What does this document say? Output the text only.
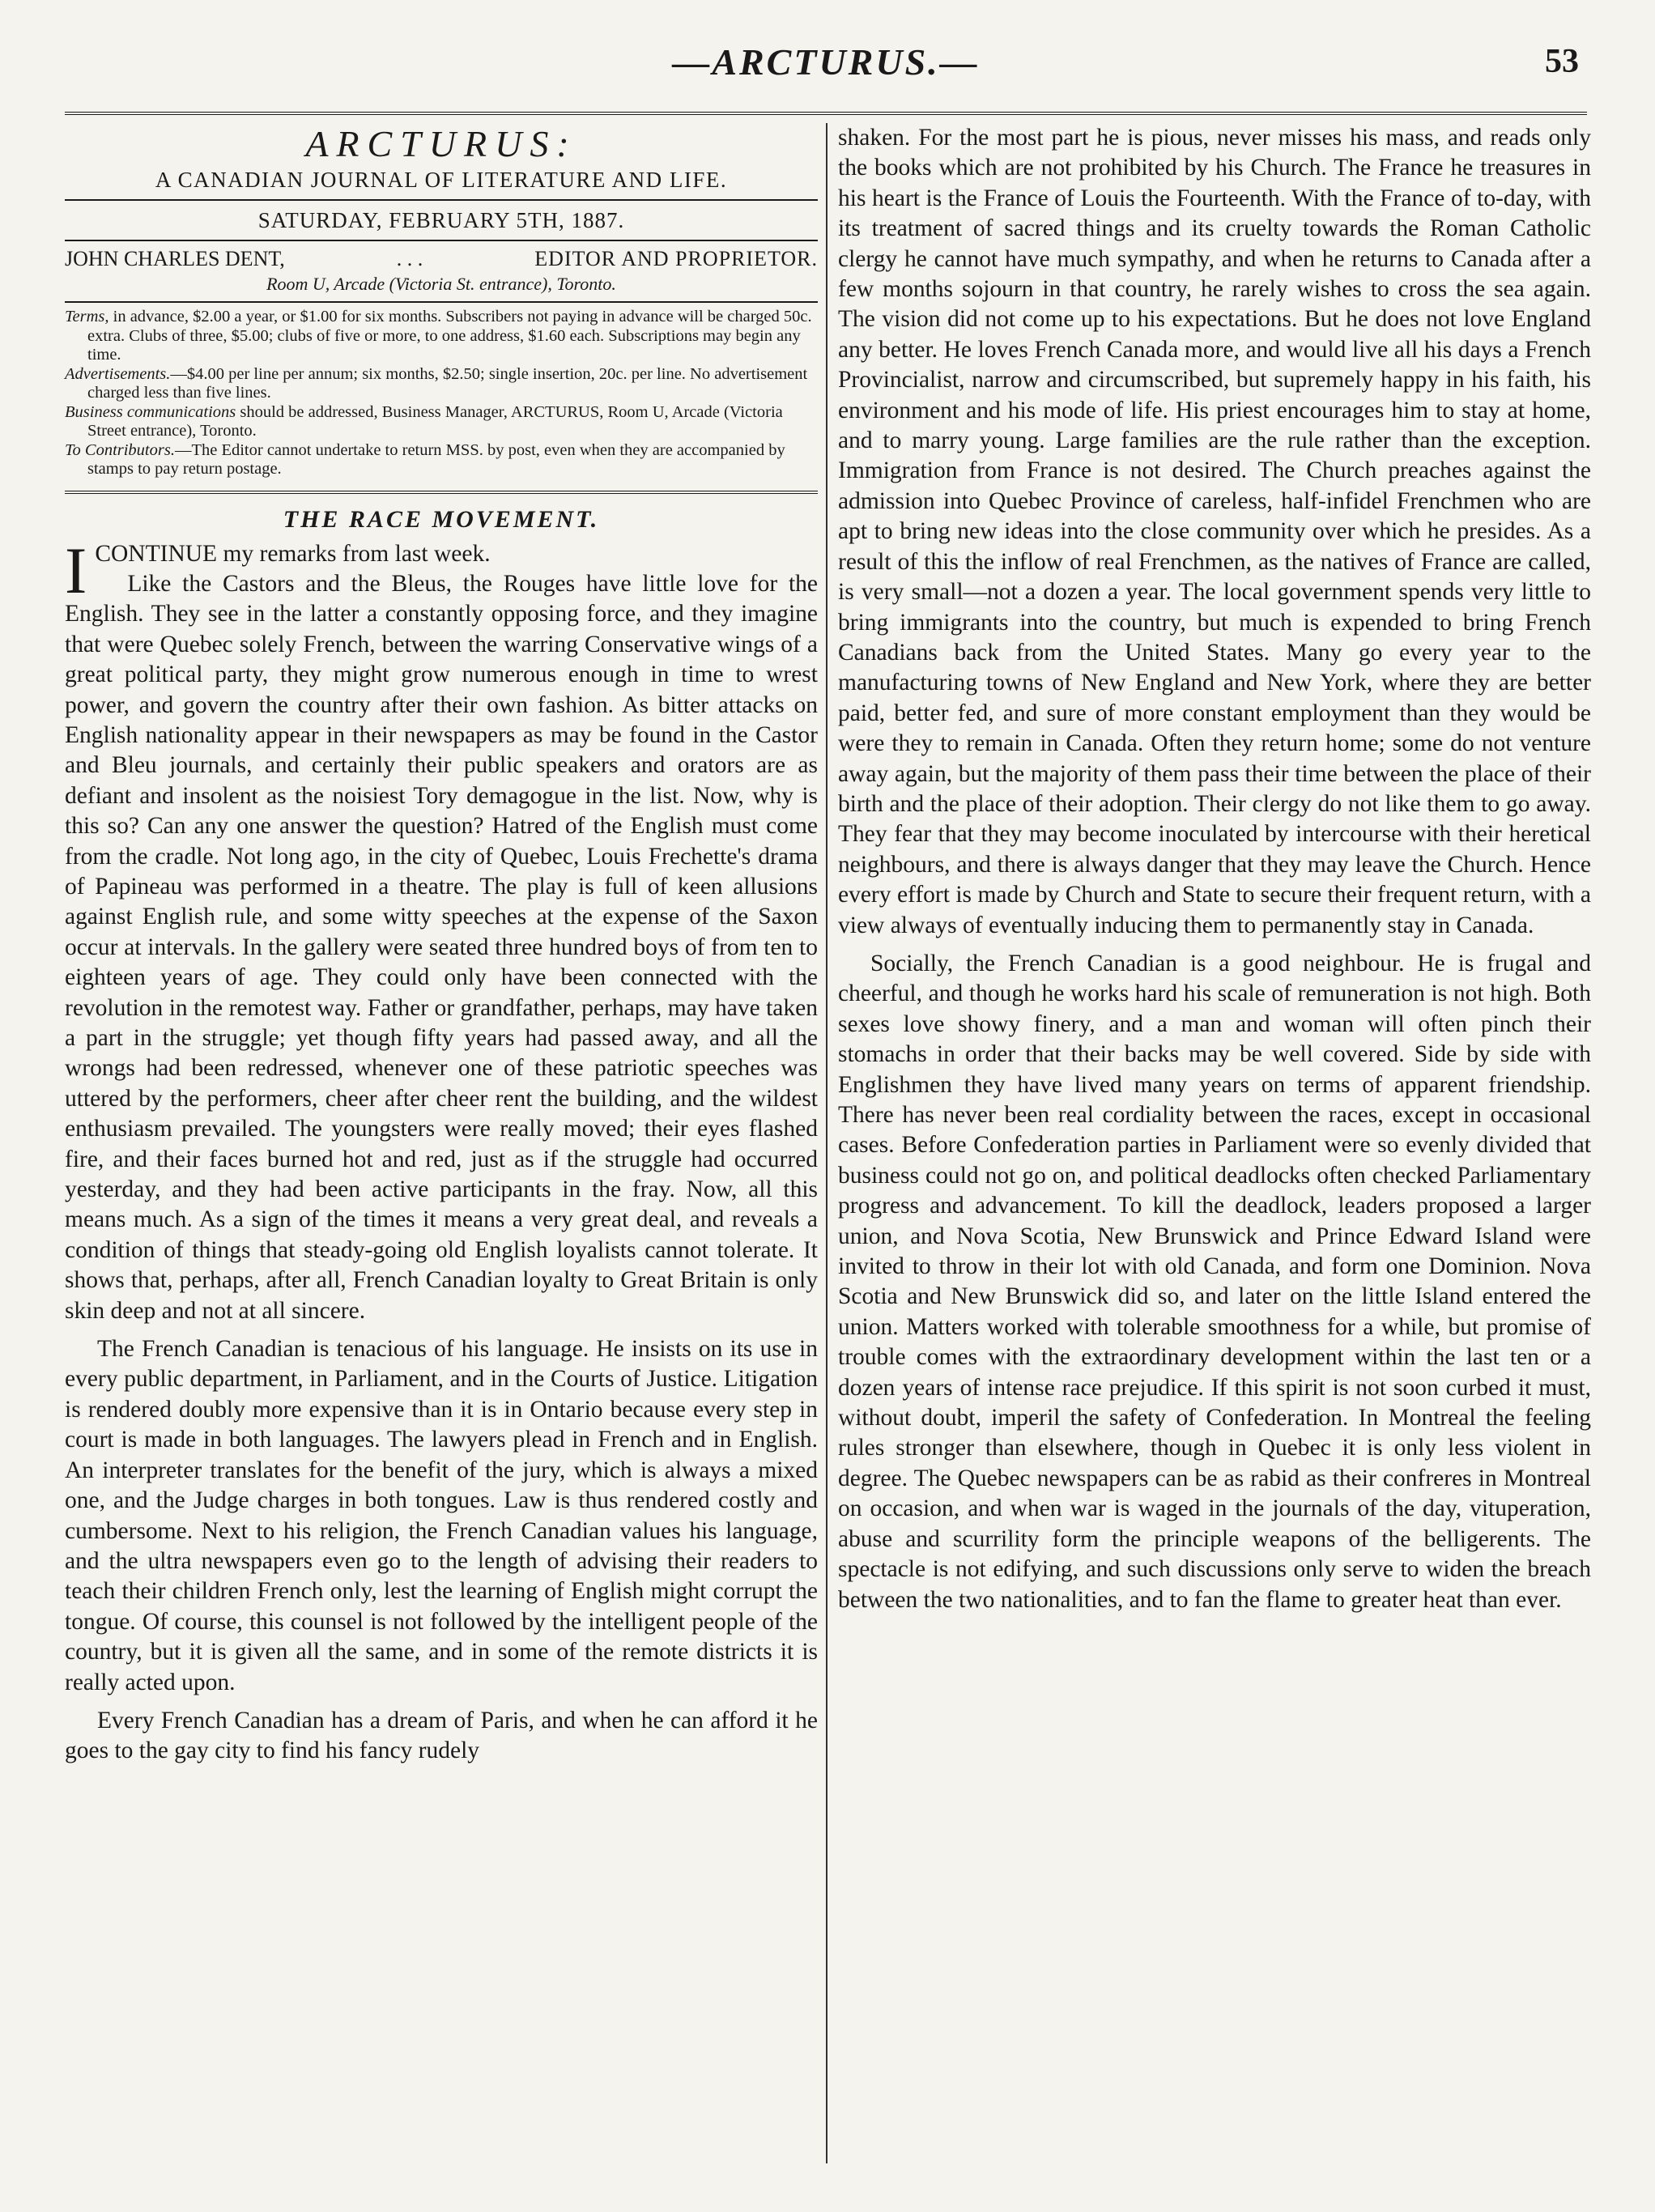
—ARCTURUS.—	53
ARCTURUS:
A CANADIAN JOURNAL OF LITERATURE AND LIFE.
SATURDAY, FEBRUARY 5TH, 1887.
JOHN CHARLES DENT,	. . .	EDITOR AND PROPRIETOR.
Room U, Arcade (Victoria St. entrance), Toronto.

Terms, in advance, $2.00 a year, or $1.00 for six months. Subscribers not paying in advance will be charged 50c. extra. Clubs of three, $5.00; clubs of five or more, to one address, $1.60 each. Subscriptions may begin any time.

Advertisements.—$4.00 per line per annum; six months, $2.50; single insertion, 20c. per line. No advertisement charged less than five lines.

Business communications should be addressed, Business Manager, ARCTURUS, Room U, Arcade (Victoria Street entrance), Toronto.

To Contributors.—The Editor cannot undertake to return MSS. by post, even when they are accompanied by stamps to pay return postage.

THE RACE MOVEMENT.

ICONTINUE my remarks from last week.

Like the Castors and the Bleus, the Rouges have little love for the English. They see in the latter a constantly opposing force, and they imagine that were Quebec solely French, between the warring Conservative wings of a great political party, they might grow numerous enough in time to wrest power, and govern the country after their own fashion. As bitter attacks on English nationality appear in their newspapers as may be found in the Castor and Bleu journals, and certainly their public speakers and orators are as defiant and insolent as the noisiest Tory demagogue in the list. Now, why is this so? Can any one answer the question? Hatred of the English must come from the cradle. Not long ago, in the city of Quebec, Louis Frechette's drama of Papineau was performed in a theatre. The play is full of keen allusions against English rule, and some witty speeches at the expense of the Saxon occur at intervals. In the gallery were seated three hundred boys of from ten to eighteen years of age. They could only have been connected with the revolution in the remotest way. Father or grandfather, perhaps, may have taken a part in the struggle; yet though fifty years had passed away, and all the wrongs had been redressed, whenever one of these patriotic speeches was uttered by the performers, cheer after cheer rent the building, and the wildest enthusiasm prevailed. The youngsters were really moved; their eyes flashed fire, and their faces burned hot and red, just as if the struggle had occurred yesterday, and they had been active participants in the fray. Now, all this means much. As a sign of the times it means a very great deal, and reveals a condition of things that steady-going old English loyalists cannot tolerate. It shows that, perhaps, after all, French Canadian loyalty to Great Britain is only skin deep and not at all sincere.

The French Canadian is tenacious of his language. He insists on its use in every public department, in Parliament, and in the Courts of Justice. Litigation is rendered doubly more expensive than it is in Ontario because every step in court is made in both languages. The lawyers plead in French and in English. An interpreter translates for the benefit of the jury, which is always a mixed one, and the Judge charges in both tongues. Law is thus rendered costly and cumbersome. Next to his religion, the French Canadian values his language, and the ultra newspapers even go to the length of advising their readers to teach their children French only, lest the learning of English might corrupt the tongue. Of course, this counsel is not followed by the intelligent people of the country, but it is given all the same, and in some of the remote districts it is really acted upon.

Every French Canadian has a dream of Paris, and when he can afford it he goes to the gay city to find his fancy rudely

shaken. For the most part he is pious, never misses his mass, and reads only the books which are not prohibited by his Church. The France he treasures in his heart is the France of Louis the Fourteenth. With the France of to-day, with its treatment of sacred things and its cruelty towards the Roman Catholic clergy he cannot have much sympathy, and when he returns to Canada after a few months sojourn in that country, he rarely wishes to cross the sea again. The vision did not come up to his expectations. But he does not love England any better. He loves French Canada more, and would live all his days a French Provincialist, narrow and circumscribed, but supremely happy in his faith, his environment and his mode of life. His priest encourages him to stay at home, and to marry young. Large families are the rule rather than the exception. Immigration from France is not desired. The Church preaches against the admission into Quebec Province of careless, half-infidel Frenchmen who are apt to bring new ideas into the close community over which he presides. As a result of this the inflow of real Frenchmen, as the natives of France are called, is very small—not a dozen a year. The local government spends very little to bring immigrants into the country, but much is expended to bring French Canadians back from the United States. Many go every year to the manufacturing towns of New England and New York, where they are better paid, better fed, and sure of more constant employment than they would be were they to remain in Canada. Often they return home; some do not venture away again, but the majority of them pass their time between the place of their birth and the place of their adoption. Their clergy do not like them to go away. They fear that they may become inoculated by intercourse with their heretical neighbours, and there is always danger that they may leave the Church. Hence every effort is made by Church and State to secure their frequent return, with a view always of eventually inducing them to permanently stay in Canada.

Socially, the French Canadian is a good neighbour. He is frugal and cheerful, and though he works hard his scale of remuneration is not high. Both sexes love showy finery, and a man and woman will often pinch their stomachs in order that their backs may be well covered. Side by side with Englishmen they have lived many years on terms of apparent friendship. There has never been real cordiality between the races, except in occasional cases. Before Confederation parties in Parliament were so evenly divided that business could not go on, and political deadlocks often checked Parliamentary progress and advancement. To kill the deadlock, leaders proposed a larger union, and Nova Scotia, New Brunswick and Prince Edward Island were invited to throw in their lot with old Canada, and form one Dominion. Nova Scotia and New Brunswick did so, and later on the little Island entered the union. Matters worked with tolerable smoothness for a while, but promise of trouble comes with the extraordinary development within the last ten or a dozen years of intense race prejudice. If this spirit is not soon curbed it must, without doubt, imperil the safety of Confederation. In Montreal the feeling rules stronger than elsewhere, though in Quebec it is only less violent in degree. The Quebec newspapers can be as rabid as their confreres in Montreal on occasion, and when war is waged in the journals of the day, vituperation, abuse and scurrility form the principle weapons of the belligerents. The spectacle is not edifying, and such discussions only serve to widen the breach between the two nationalities, and to fan the flame to greater heat than ever.
